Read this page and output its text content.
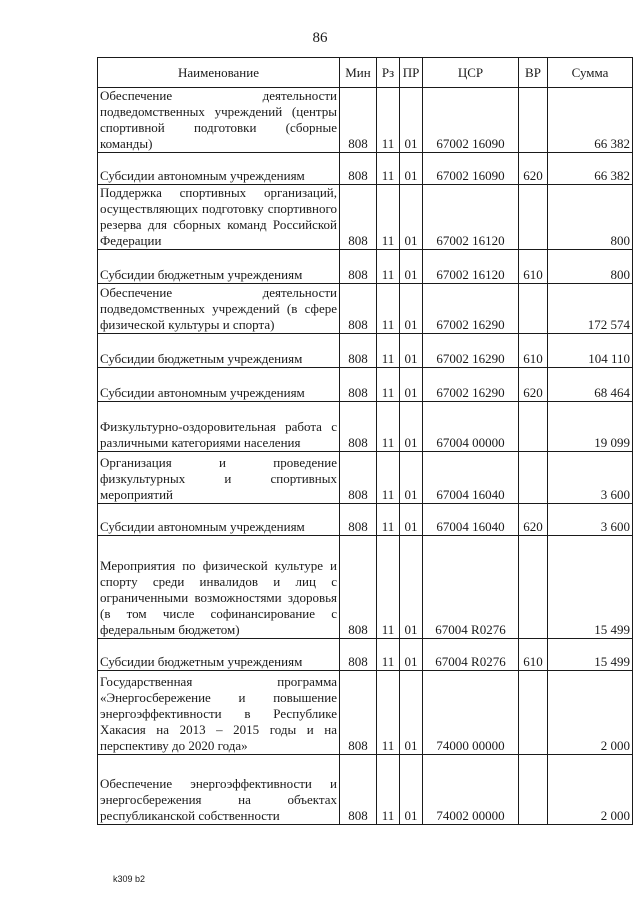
86
Наименование	Мин	Рз	ПР	ЦСР	ВР	Сумма
Обеспечение деятельности подведомственных учреждений (центры спортивной подготовки (сборные команды)	808	11	01	67002 16090		66 382
Субсидии автономным учреждениям	808	11	01	67002 16090	620	66 382
Поддержка спортивных организаций, осуществляющих подготовку спортивного резерва для сборных команд Российской Федерации	808	11	01	67002 16120		800
Субсидии бюджетным учреждениям	808	11	01	67002 16120	610	800
Обеспечение деятельности подведомственных учреждений (в сфере физической культуры и спорта)	808	11	01	67002 16290		172 574
Субсидии бюджетным учреждениям	808	11	01	67002 16290	610	104 110
Субсидии автономным учреждениям	808	11	01	67002 16290	620	68 464
Физкультурно-оздоровительная работа с различными категориями населения	808	11	01	67004 00000		19 099
Организация и проведение физкультурных и спортивных мероприятий	808	11	01	67004 16040		3 600
Субсидии автономным учреждениям	808	11	01	67004 16040	620	3 600
Мероприятия по физической культуре и спорту среди инвалидов и лиц с ограниченными возможностями здоровья (в том числе софинансирование с федеральным бюджетом)	808	11	01	67004 R0276		15 499
Субсидии бюджетным учреждениям	808	11	01	67004 R0276	610	15 499
Государственная программа «Энергосбережение и повышение энергоэффективности в Республике Хакасия на 2013 – 2015 годы и на перспективу до 2020 года»	808	11	01	74000 00000		2 000
Обеспечение энергоэффективности и энергосбережения на объектах республиканской собственности	808	11	01	74002 00000		2 000
k309 b2
